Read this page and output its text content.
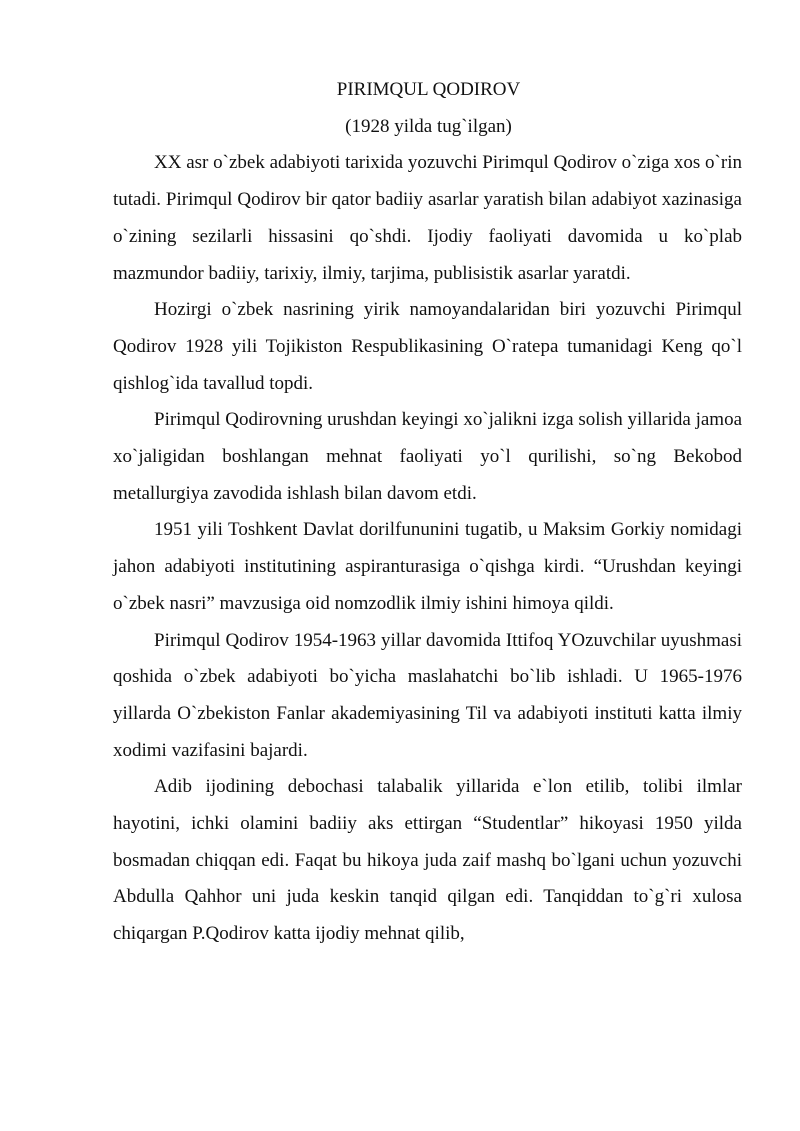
PIRIMQUL QODIROV
(1928 yilda tug`ilgan)

XX asr o`zbek adabiyoti tarixida yozuvchi Pirimqul Qodirov o`ziga xos o`rin tutadi. Pirimqul Qodirov bir qator badiiy asarlar yaratish bilan adabiyot xazinasiga o`zining sezilarli hissasini qo`shdi. Ijodiy faoliyati davomida u ko`plab mazmundor badiiy, tarixiy, ilmiy, tarjima, publisistik asarlar yaratdi.

Hozirgi o`zbek nasrining yirik namoyandalaridan biri yozuvchi Pirimqul Qodirov 1928 yili Tojikiston Respublikasining O`ratepa tumanidagi Keng qo`l qishlog`ida tavallud topdi.

Pirimqul Qodirovning urushdan keyingi xo`jalikni izga solish yillarida jamoa xo`jaligidan boshlangan mehnat faoliyati yo`l qurilishi, so`ng Bekobod metallurgiya zavodida ishlash bilan davom etdi.

1951 yili Toshkent Davlat dorilfununini tugatib, u Maksim Gorkiy nomidagi jahon adabiyoti institutining aspiranturasiga o`qishga kirdi. “Urushdan keyingi o`zbek nasri” mavzusiga oid nomzodlik ilmiy ishini himoya qildi.

Pirimqul Qodirov 1954-1963 yillar davomida Ittifoq YOzuvchilar uyushmasi qoshida o`zbek adabiyoti bo`yicha maslahatchi bo`lib ishladi. U 1965-1976 yillarda O`zbekiston Fanlar akademiyasining Til va adabiyoti instituti katta ilmiy xodimi vazifasini bajardi.

Adib ijodining debochasi talabalik yillarida e`lon etilib, tolibi ilmlar hayotini, ichki olamini badiiy aks ettirgan “Studentlar” hikoyasi 1950 yilda bosmadan chiqqan edi. Faqat bu hikoya juda zaif mashq bo`lgani uchun yozuvchi Abdulla Qahhor uni juda keskin tanqid qilgan edi. Tanqiddan to`g`ri xulosa chiqargan P.Qodirov katta ijodiy mehnat qilib,
